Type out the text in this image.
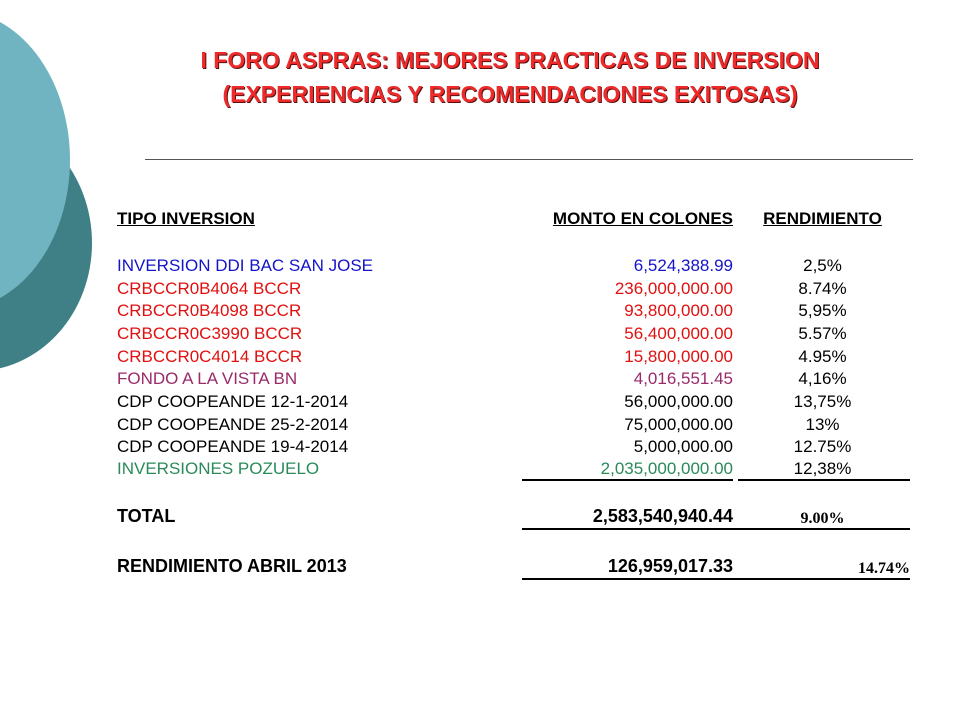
I FORO ASPRAS: MEJORES PRACTICAS DE INVERSION
(EXPERIENCIAS Y RECOMENDACIONES EXITOSAS)
TIPO INVERSION	MONTO EN COLONES	RENDIMIENTO
INVERSION DDI BAC SAN JOSE	6,524,388.99	2,5%
CRBCCR0B4064 BCCR	236,000,000.00	8.74%
CRBCCR0B4098 BCCR	93,800,000.00	5,95%
CRBCCR0C3990 BCCR	56,400,000.00	5.57%
CRBCCR0C4014 BCCR	15,800,000.00	4.95%
FONDO A LA VISTA BN	4,016,551.45	4,16%
CDP COOPEANDE 12-1-2014	56,000,000.00	13,75%
CDP COOPEANDE 25-2-2014	75,000,000.00	13%
CDP COOPEANDE 19-4-2014	5,000,000.00	12.75%
INVERSIONES POZUELO	2,035,000,000.00	12,38%
TOTAL	2,583,540,940.44	9.00%
RENDIMIENTO ABRIL 2013	126,959,017.33	14.74%
